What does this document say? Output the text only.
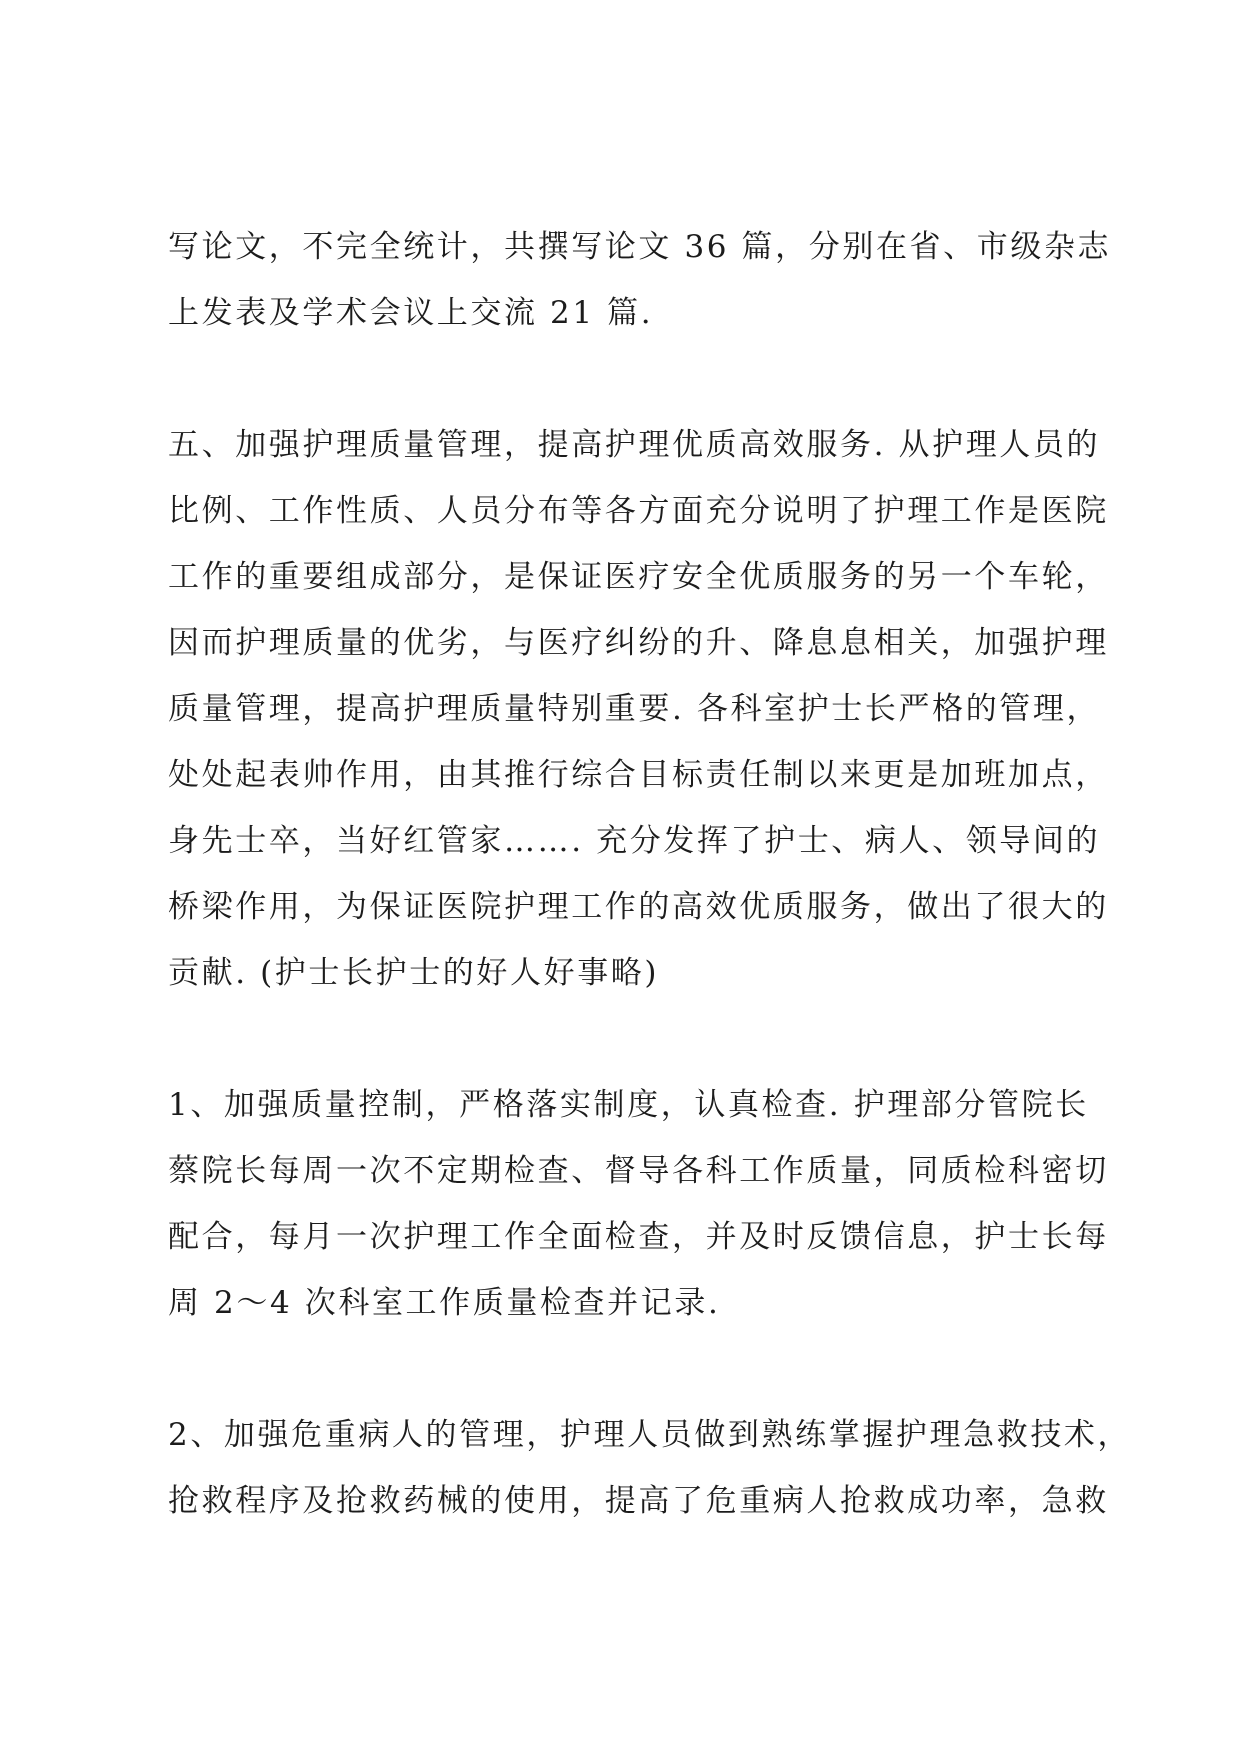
写论文，不完全统计，共撰写论文 36 篇，分别在省、市级杂志
上发表及学术会议上交流 21 篇.
五、加强护理质量管理，提高护理优质高效服务. 从护理人员的
比例、工作性质、人员分布等各方面充分说明了护理工作是医院
工作的重要组成部分，是保证医疗安全优质服务的另一个车轮，
因而护理质量的优劣，与医疗纠纷的升、降息息相关，加强护理
质量管理，提高护理质量特别重要. 各科室护士长严格的管理，
处处起表帅作用，由其推行综合目标责任制以来更是加班加点，
身先士卒，当好红管家……. 充分发挥了护士、病人、领导间的
桥梁作用，为保证医院护理工作的高效优质服务，做出了很大的
贡献. (护士长护士的好人好事略)
1、加强质量控制，严格落实制度，认真检查. 护理部分管院长
蔡院长每周一次不定期检查、督导各科工作质量，同质检科密切
配合，每月一次护理工作全面检查，并及时反馈信息，护士长每
周 2～4 次科室工作质量检查并记录.
2、加强危重病人的管理，护理人员做到熟练掌握护理急救技术，
抢救程序及抢救药械的使用，提高了危重病人抢救成功率，急救
